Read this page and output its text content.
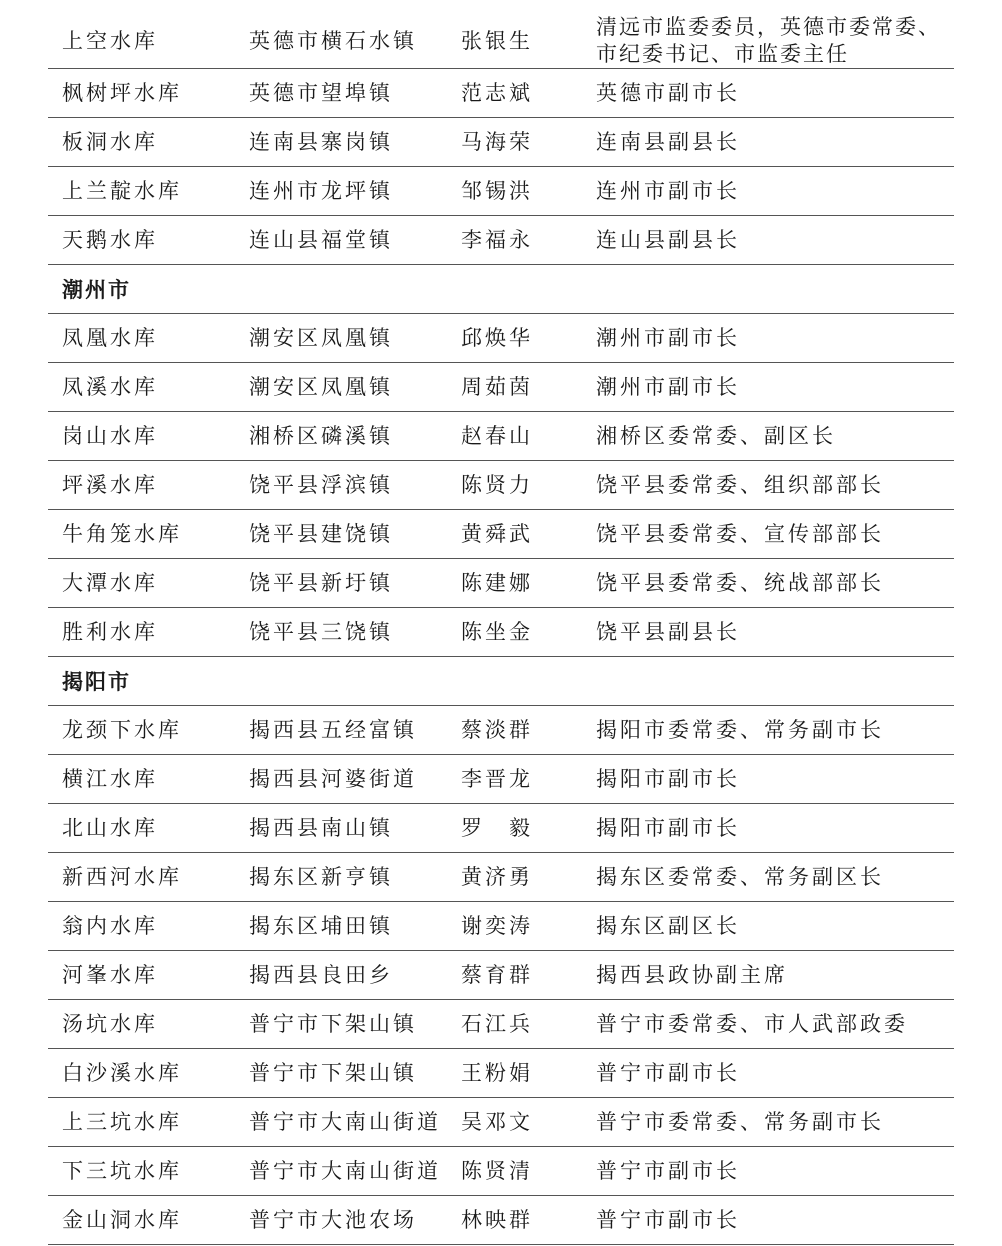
上空水库	英德市横石水镇	张银生	清远市监委委员，英德市委常委、市纪委书记、市监委主任
枫树坪水库	英德市望埠镇	范志斌	英德市副市长
板洞水库	连南县寨岗镇	马海荣	连南县副县长
上兰靛水库	连州市龙坪镇	邹锡洪	连州市副市长
天鹅水库	连山县福堂镇	李福永	连山县副县长
潮州市			
凤凰水库	潮安区凤凰镇	邱焕华	潮州市副市长
凤溪水库	潮安区凤凰镇	周茹茵	潮州市副市长
岗山水库	湘桥区磷溪镇	赵春山	湘桥区委常委、副区长
坪溪水库	饶平县浮滨镇	陈贤力	饶平县委常委、组织部部长
牛角笼水库	饶平县建饶镇	黄舜武	饶平县委常委、宣传部部长
大潭水库	饶平县新圩镇	陈建娜	饶平县委常委、统战部部长
胜利水库	饶平县三饶镇	陈坐金	饶平县副县长
揭阳市			
龙颈下水库	揭西县五经富镇	蔡淡群	揭阳市委常委、常务副市长
横江水库	揭西县河婆街道	李晋龙	揭阳市副市长
北山水库	揭西县南山镇	罗　毅	揭阳市副市长
新西河水库	揭东区新亨镇	黄济勇	揭东区委常委、常务副区长
翁内水库	揭东区埔田镇	谢奕涛	揭东区副区长
河峯水库	揭西县良田乡	蔡育群	揭西县政协副主席
汤坑水库	普宁市下架山镇	石江兵	普宁市委常委、市人武部政委
白沙溪水库	普宁市下架山镇	王粉娟	普宁市副市长
上三坑水库	普宁市大南山街道	吴邓文	普宁市委常委、常务副市长
下三坑水库	普宁市大南山街道	陈贤清	普宁市副市长
金山洞水库	普宁市大池农场	林映群	普宁市副市长
